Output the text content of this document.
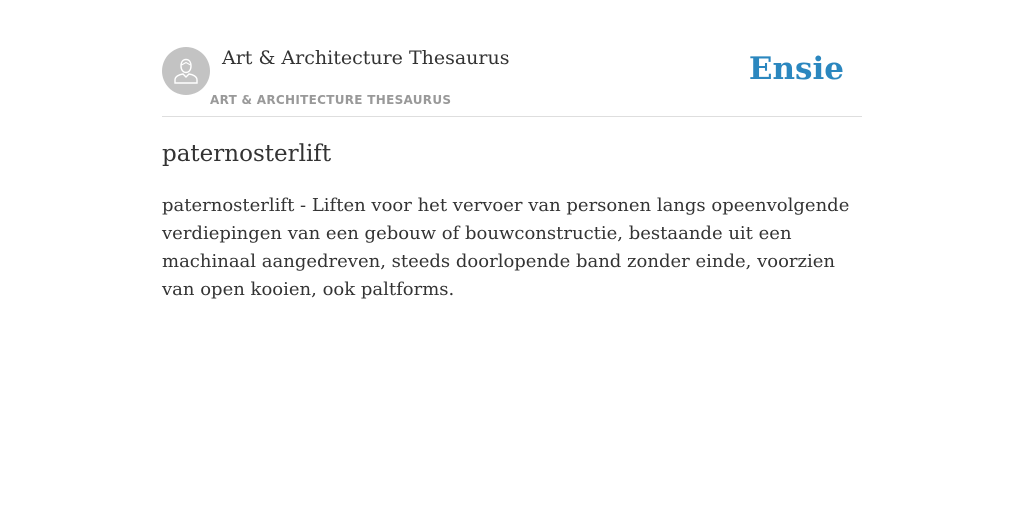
Art & Architecture Thesaurus
ART & ARCHITECTURE THESAURUS
Ensie
paternosterlift

paternosterlift - Liften voor het vervoer van personen langs opeenvolgende verdiepingen van een gebouw of bouwconstructie, bestaande uit een machinaal aangedreven, steeds doorlopende band zonder einde, voorzien van open kooien, ook paltforms.
